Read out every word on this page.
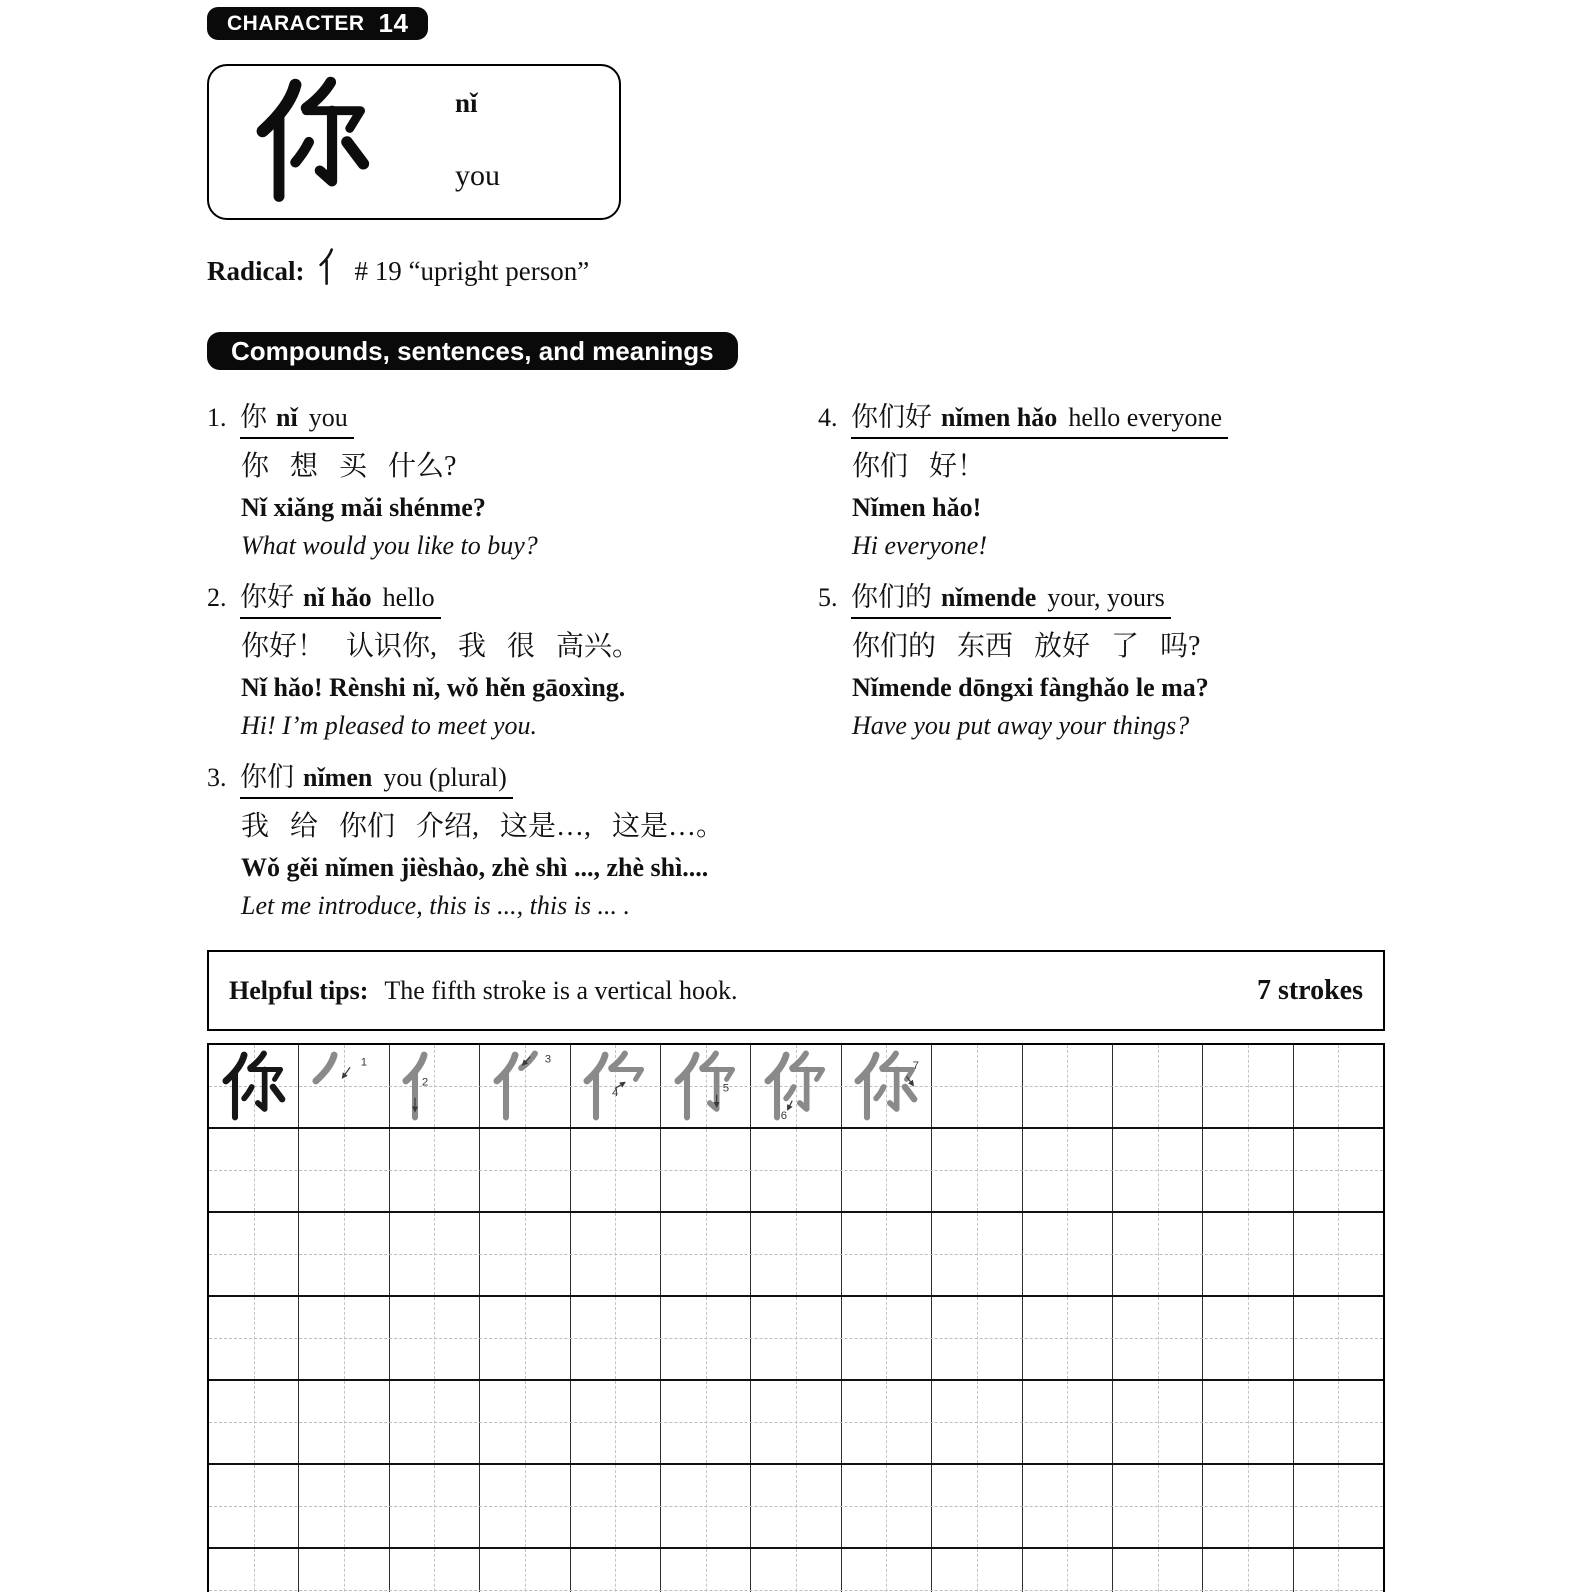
CHARACTER 14
nǐ
you
Radical: # 19 “upright person”
Compounds, sentences, and meanings
1. 你 nǐ you
你 想 买 什么?
Nǐ xiǎng mǎi shénme?
What would you like to buy?
2. 你好 nǐ hǎo hello
你好！ 认识你, 我 很 高兴。
Nǐ hǎo! Rènshi nǐ, wǒ hěn gāoxìng.
Hi! I’m pleased to meet you.
3. 你们 nǐmen you (plural)
我 给 你们 介绍, 这是…, 这是…。
Wǒ gěi nǐmen jièshào, zhè shì ..., zhè shì....
Let me introduce, this is ..., this is ... .
4. 你们好 nǐmen hǎo hello everyone
你们 好！
Nǐmen hǎo!
Hi everyone!
5. 你们的 nǐmende your, yours
你们的 东西 放好 了 吗?
Nǐmende dōngxi fànghǎo le ma?
Have you put away your things?
Helpful tips: The fifth stroke is a vertical hook.	7 strokes
1
2
3
4	5
6
7
